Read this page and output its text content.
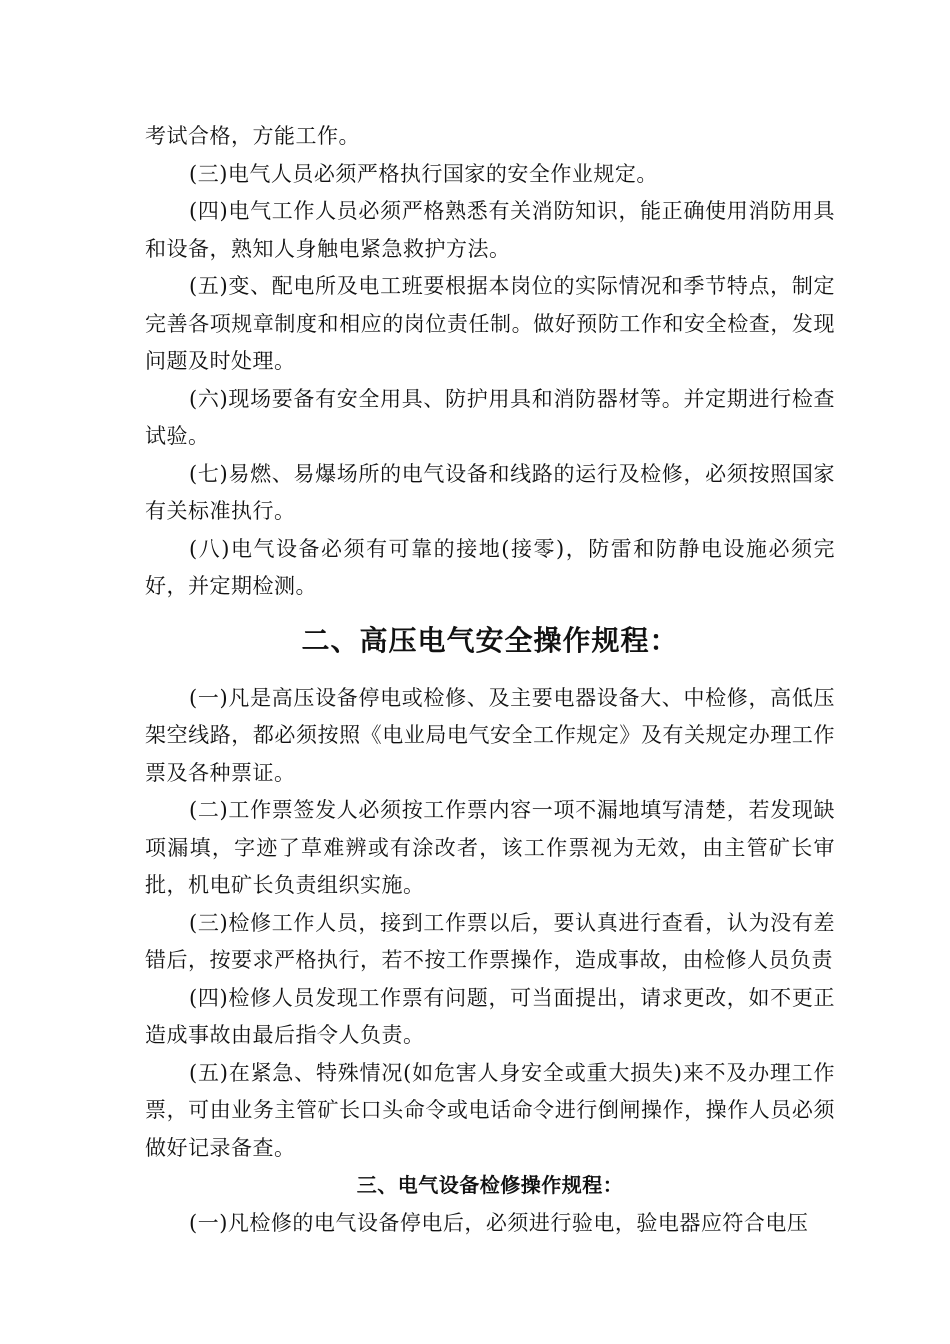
考试合格，方能工作。

(三)电气人员必须严格执行国家的安全作业规定。

(四)电气工作人员必须严格熟悉有关消防知识，能正确使用消防用具和设备，熟知人身触电紧急救护方法。

(五)变、配电所及电工班要根据本岗位的实际情况和季节特点，制定完善各项规章制度和相应的岗位责任制。做好预防工作和安全检查，发现问题及时处理。

(六)现场要备有安全用具、防护用具和消防器材等。并定期进行检查试验。

(七)易燃、易爆场所的电气设备和线路的运行及检修，必须按照国家有关标准执行。

(八)电气设备必须有可靠的接地(接零)，防雷和防静电设施必须完好，并定期检测。

二、高压电气安全操作规程：

(一)凡是高压设备停电或检修、及主要电器设备大、中检修，高低压架空线路，都必须按照《电业局电气安全工作规定》及有关规定办理工作票及各种票证。

(二)工作票签发人必须按工作票内容一项不漏地填写清楚，若发现缺项漏填，字迹了草难辨或有涂改者，该工作票视为无效，由主管矿长审批，机电矿长负责组织实施。

(三)检修工作人员，接到工作票以后，要认真进行查看，认为没有差错后，按要求严格执行，若不按工作票操作，造成事故，由检修人员负责

(四)检修人员发现工作票有问题，可当面提出，请求更改，如不更正造成事故由最后指令人负责。

(五)在紧急、特殊情况(如危害人身安全或重大损失)来不及办理工作票，可由业务主管矿长口头命令或电话命令进行倒闸操作，操作人员必须做好记录备查。

三、电气设备检修操作规程：

(一)凡检修的电气设备停电后，必须进行验电，验电器应符合电压
